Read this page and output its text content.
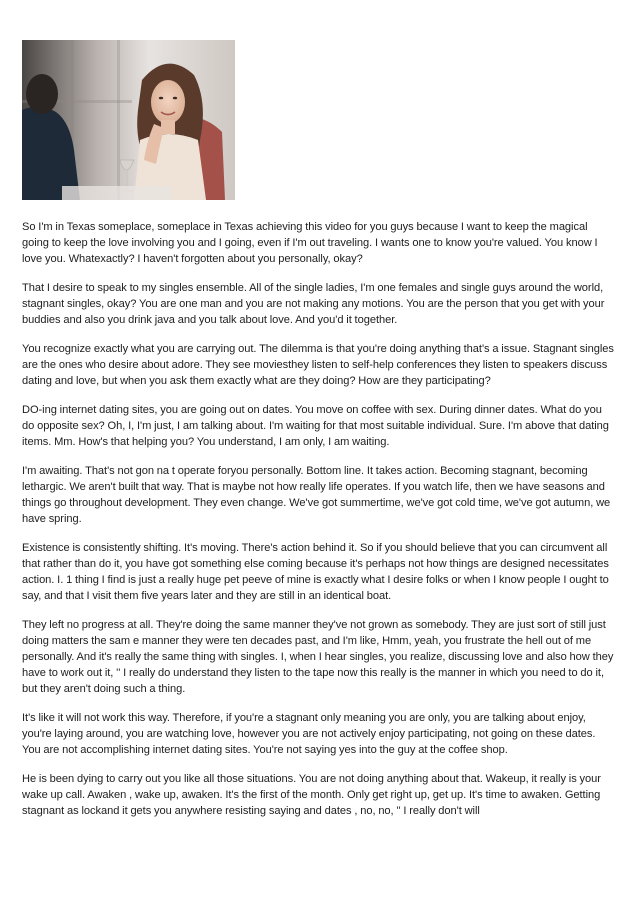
So I'm in Texas someplace, someplace in Texas achieving this video for you guys because I want to keep the magical going to keep the love involving you and I going, even if I'm out traveling. I wants one to know you're valued. You know I love you. Whatexactly? I haven't forgotten about you personally, okay?

That I desire to speak to my singles ensemble. All of the single ladies, I'm one females and single guys around the world, stagnant singles, okay? You are one man and you are not making any motions. You are the person that you get with your buddies and also you drink java and you talk about love. And you'd it together.

You recognize exactly what you are carrying out. The dilemma is that you're doing anything that's a issue. Stagnant singles are the ones who desire about adore. They see moviesthey listen to self-help conferences they listen to speakers discuss dating and love, but when you ask them exactly what are they doing? How are they participating?

DO-ing internet dating sites, you are going out on dates. You move on coffee with sex. During dinner dates. What do you do opposite sex? Oh, I, I'm just, I am talking about. I'm waiting for that most suitable individual. Sure. I'm above that dating items. Mm. How's that helping you? You understand, I am only, I am waiting.

I'm awaiting. That's not gon na t operate foryou personally. Bottom line. It takes action. Becoming stagnant, becoming lethargic. We aren't built that way. That is maybe not how really life operates. If you watch life, then we have seasons and things go throughout development. They even change. We've got summertime, we've got cold time, we've got autumn, we have spring.

Existence is consistently shifting. It's moving. There's action behind it. So if you should believe that you can circumvent all that rather than do it, you have got something else coming because it's perhaps not how things are designed necessitates action. I. 1 thing I find is just a really huge pet peeve of mine is exactly what I desire folks or when I know people I ought to say, and that I visit them five years later and they are still in an identical boat.

They left no progress at all. They're doing the same manner they've not grown as somebody. They are just sort of still just doing matters the sam e manner they were ten decades past, and I'm like, Hmm, yeah, you frustrate the hell out of me personally. And it's really the same thing with singles. I, when I hear singles, you realize, discussing love and also how they have to work out it, '' I really do understand they listen to the tape now this really is the manner in which you need to do it, but they aren't doing such a thing.

It's like it will not work this way. Therefore, if you're a stagnant only meaning you are only, you are talking about enjoy, you're laying around, you are watching love, however you are not actively enjoy participating, not going on these dates. You are not accomplishing internet dating sites. You're not saying yes into the guy at the coffee shop.

He is been dying to carry out you like all those situations. You are not doing anything about that. Wakeup, it really is your wake up call. Awaken , wake up, awaken. It's the first of the month. Only get right up, get up. It's time to awaken. Getting stagnant as lockand it gets you anywhere resisting saying and dates , no, no, '' I really don't will
